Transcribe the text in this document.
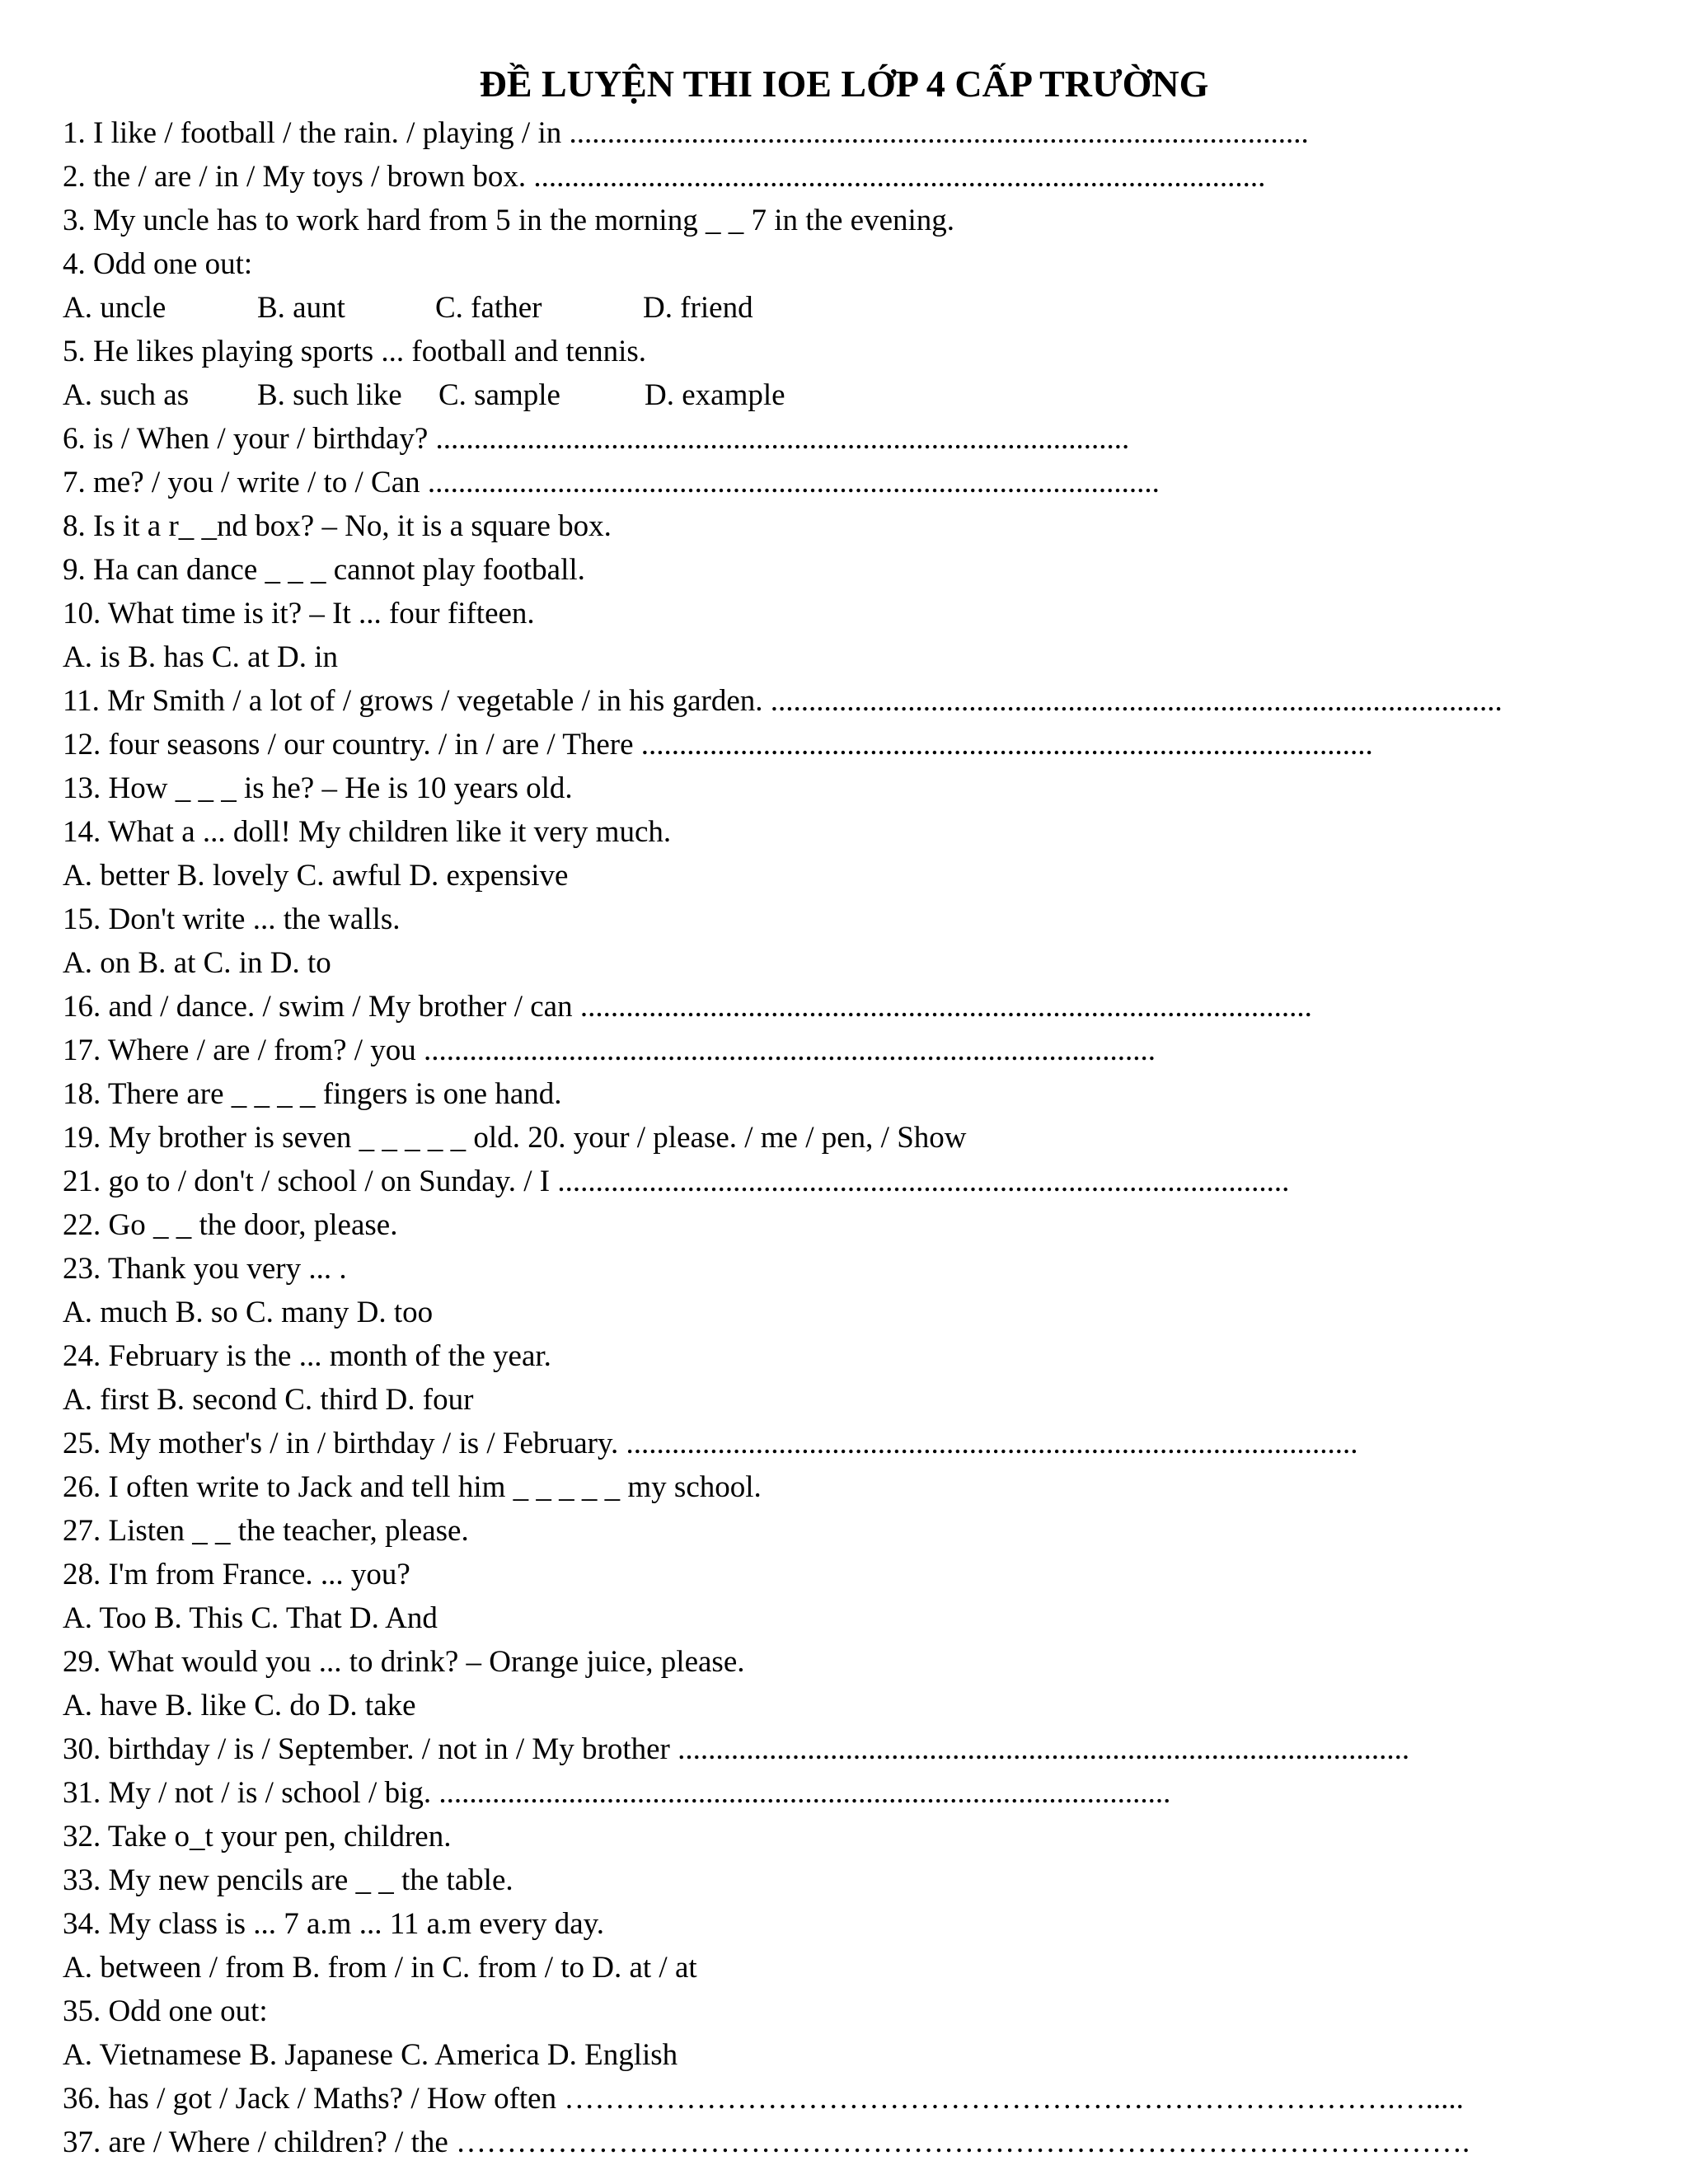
ĐỀ LUYỆN THI IOE LỚP 4 CẤP TRƯỜNG
1. I like / football / the rain. / playing / in .................................................................................................
2. the / are / in / My toys / brown box. ................................................................................................
3. My uncle has to work hard from 5 in the morning _ _ 7 in the evening.
4. Odd one out:
A. uncle	B. aunt	C. father	D. friend
5. He likes playing sports ... football and tennis.
A. such as B. such like C. sample	D. example
6. is / When / your / birthday? ...........................................................................................
7. me? / you / write / to / Can ................................................................................................
8. Is it a r_ _nd box? – No, it is a square box.
9. Ha can dance _ _ _ cannot play football.
10. What time is it? – It ... four fifteen.
A. is B. has C. at D. in
11. Mr Smith / a lot of / grows / vegetable / in his garden. ................................................................................................
12. four seasons / our country. / in / are / There ................................................................................................
13. How _ _ _ is he? – He is 10 years old.
14. What a ... doll! My children like it very much.
A. better B. lovely C. awful D. expensive
15. Don't write ... the walls.
A. on B. at C. in D. to
16. and / dance. / swim / My brother / can ................................................................................................
17. Where / are / from? / you ................................................................................................
18. There are _ _ _ _ fingers is one hand.
19. My brother is seven _ _ _ _ _ old. 20. your / please. / me / pen, / Show
21. go to / don't / school / on Sunday. / I ................................................................................................
22. Go _ _ the door, please.
23. Thank you very ... .
A. much B. so C. many D. too
24. February is the ... month of the year.
A. first B. second C. third D. four
25. My mother's / in / birthday / is / February. ................................................................................................
26. I often write to Jack and tell him _ _ _ _ _ my school.
27. Listen _ _ the teacher, please.
28. I'm from France. ... you?
A. Too B. This C. That D. And
29. What would you ... to drink? – Orange juice, please.
A. have B. like C. do D. take
30. birthday / is / September. / not in / My brother ................................................................................................
31. My / not / is / school / big. ................................................................................................
32. Take o_t your pen, children.
33. My new pencils are _ _ the table.
34. My class is ... 7 a.m ... 11 a.m every day.
A. between / from B. from / in C. from / to D. at / at
35. Odd one out:
A. Vietnamese B. Japanese C. America D. English
36. has / got / Jack / Maths? / How often ……………………………………………………………………….….....
37. are / Where / children? / the ……………………………………………………………………………………….
